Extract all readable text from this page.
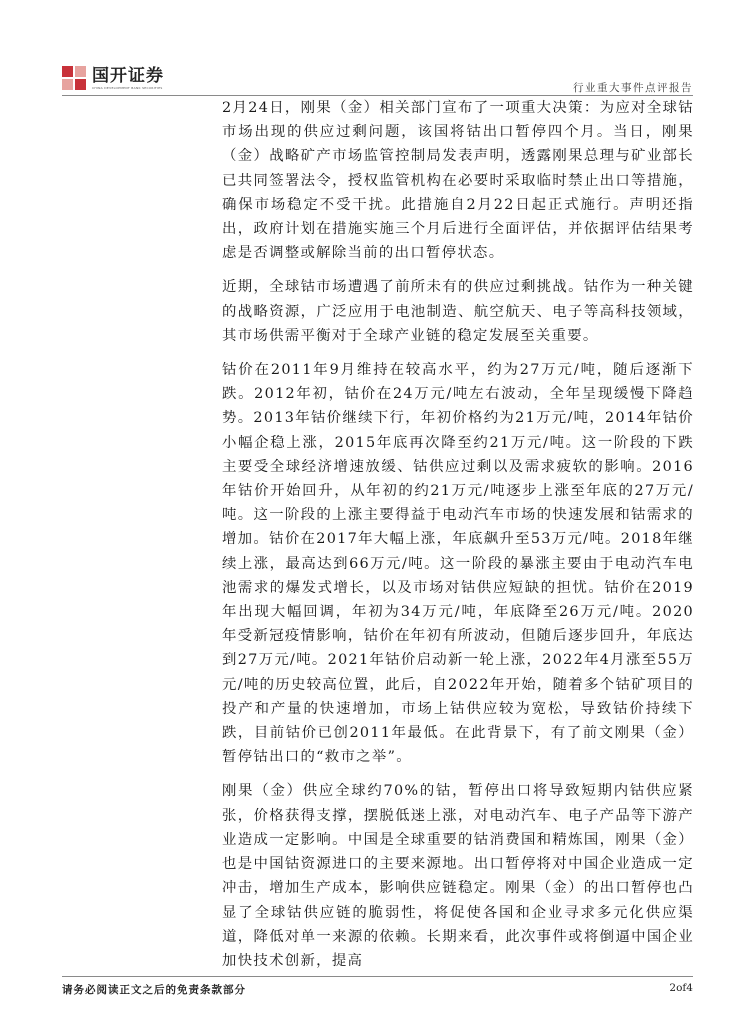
国开证券
CHINA DEVELOPMENT BANK SECURITIES	行业重大事件点评报告

2月24日，刚果（金）相关部门宣布了一项重大决策：为应对全球钴市场出现的供应过剩问题，该国将钴出口暂停四个月。当日，刚果（金）战略矿产市场监管控制局发表声明，透露刚果总理与矿业部长已共同签署法令，授权监管机构在必要时采取临时禁止出口等措施，确保市场稳定不受干扰。此措施自2月22日起正式施行。声明还指出，政府计划在措施实施三个月后进行全面评估，并依据评估结果考虑是否调整或解除当前的出口暂停状态。

近期，全球钴市场遭遇了前所未有的供应过剩挑战。钴作为一种关键的战略资源，广泛应用于电池制造、航空航天、电子等高科技领域，其市场供需平衡对于全球产业链的稳定发展至关重要。

钴价在2011年9月维持在较高水平，约为27万元/吨，随后逐渐下跌。2012年初，钴价在24万元/吨左右波动，全年呈现缓慢下降趋势。2013年钴价继续下行，年初价格约为21万元/吨，2014年钴价小幅企稳上涨，2015年底再次降至约21万元/吨。这一阶段的下跌主要受全球经济增速放缓、钴供应过剩以及需求疲软的影响。2016年钴价开始回升，从年初的约21万元/吨逐步上涨至年底的27万元/吨。这一阶段的上涨主要得益于电动汽车市场的快速发展和钴需求的增加。钴价在2017年大幅上涨，年底飙升至53万元/吨。2018年继续上涨，最高达到66万元/吨。这一阶段的暴涨主要由于电动汽车电池需求的爆发式增长，以及市场对钴供应短缺的担忧。钴价在2019年出现大幅回调，年初为34万元/吨，年底降至26万元/吨。2020年受新冠疫情影响，钴价在年初有所波动，但随后逐步回升，年底达到27万元/吨。2021年钴价启动新一轮上涨，2022年4月涨至55万元/吨的历史较高位置，此后，自2022年开始，随着多个钴矿项目的投产和产量的快速增加，市场上钴供应较为宽松，导致钴价持续下跌，目前钴价已创2011年最低。在此背景下，有了前文刚果（金）暂停钴出口的“救市之举”。

刚果（金）供应全球约70%的钴，暂停出口将导致短期内钴供应紧张，价格获得支撑，摆脱低迷上涨，对电动汽车、电子产品等下游产业造成一定影响。中国是全球重要的钴消费国和精炼国，刚果（金）也是中国钴资源进口的主要来源地。出口暂停将对中国企业造成一定冲击，增加生产成本，影响供应链稳定。刚果（金）的出口暂停也凸显了全球钴供应链的脆弱性，将促使各国和企业寻求多元化供应渠道，降低对单一来源的依赖。长期来看，此次事件或将倒逼中国企业加快技术创新，提高

请务必阅读正文之后的免责条款部分	2of4
